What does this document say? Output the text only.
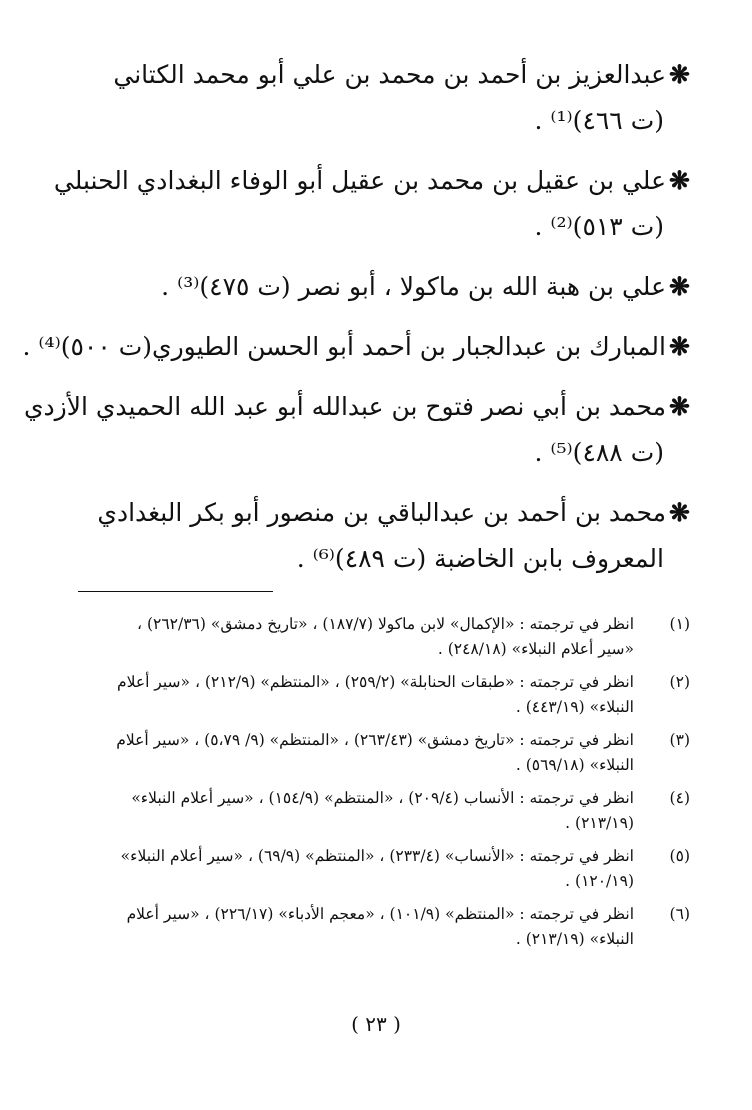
❋عبدالعزيز بن أحمد بن محمد بن علي أبو محمد الكتاني
(ت ٤٦٦)⁽¹⁾ .
❋علي بن عقيل بن محمد بن عقيل أبو الوفاء البغدادي الحنبلي
(ت ٥١٣)⁽²⁾ .
❋علي بن هبة الله بن ماكولا ، أبو نصر (ت ٤٧٥)⁽³⁾ .
❋المبارك بن عبدالجبار بن أحمد أبو الحسن الطيوري(ت ٥٠٠)⁽⁴⁾ .
❋محمد بن أبي نصر فتوح بن عبدالله أبو عبد الله الحميدي الأزدي
(ت ٤٨٨)⁽⁵⁾ .
❋محمد بن أحمد بن عبدالباقي بن منصور أبو بكر البغدادي
المعروف بابن الخاضبة (ت ٤٨٩)⁽⁶⁾ .
(١)
انظر في ترجمته : «الإكمال» لابن ماكولا (١٨٧/٧) ، «تاريخ دمشق» (٢٦٢/٣٦) ،
«سير أعلام النبلاء» (٢٤٨/١٨) .
(٢)
انظر في ترجمته : «طبقات الحنابلة» (٢٥٩/٢) ، «المنتظم» (٢١٢/٩) ، «سير أعلام
النبلاء» (٤٤٣/١٩) .
(٣)
انظر في ترجمته : «تاريخ دمشق» (٢٦٣/٤٣) ، «المنتظم» (٩/ ٥،٧٩) ، «سير أعلام
النبلاء» (٥٦٩/١٨) .
(٤)
انظر في ترجمته : الأنساب (٢٠٩/٤) ، «المنتظم» (١٥٤/٩) ، «سير أعلام النبلاء»
(٢١٣/١٩) .
(٥)
انظر في ترجمته : «الأنساب» (٢٣٣/٤) ، «المنتظم» (٦٩/٩) ، «سير أعلام النبلاء»
(١٢٠/١٩) .
(٦)
انظر في ترجمته : «المنتظم» (١٠١/٩) ، «معجم الأدباء» (٢٢٦/١٧) ، «سير أعلام
النبلاء» (٢١٣/١٩) .
( ٢٣ )
